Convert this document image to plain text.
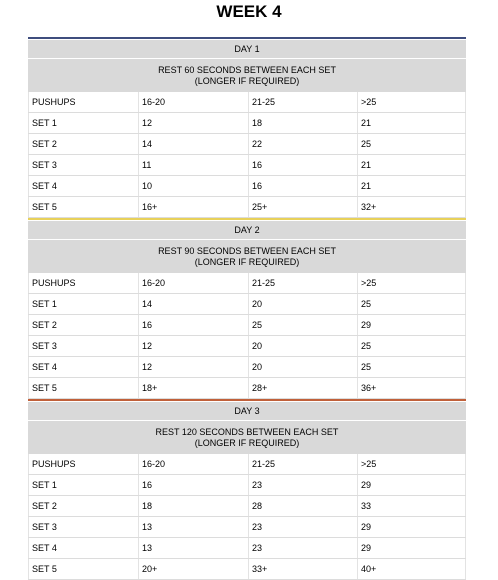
WEEK 4
DAY 1
REST 60 SECONDS BETWEEN EACH SET
(LONGER IF REQUIRED)
PUSHUPS	16-20	21-25	>25
SET 1	12	18	21
SET 2	14	22	25
SET 3	11	16	21
SET 4	10	16	21
SET 5	16+	25+	32+
DAY 2
REST 90 SECONDS BETWEEN EACH SET
(LONGER IF REQUIRED)
PUSHUPS	16-20	21-25	>25
SET 1	14	20	25
SET 2	16	25	29
SET 3	12	20	25
SET 4	12	20	25
SET 5	18+	28+	36+
DAY 3
REST 120 SECONDS BETWEEN EACH SET
(LONGER IF REQUIRED)
PUSHUPS	16-20	21-25	>25
SET 1	16	23	29
SET 2	18	28	33
SET 3	13	23	29
SET 4	13	23	29
SET 5	20+	33+	40+
